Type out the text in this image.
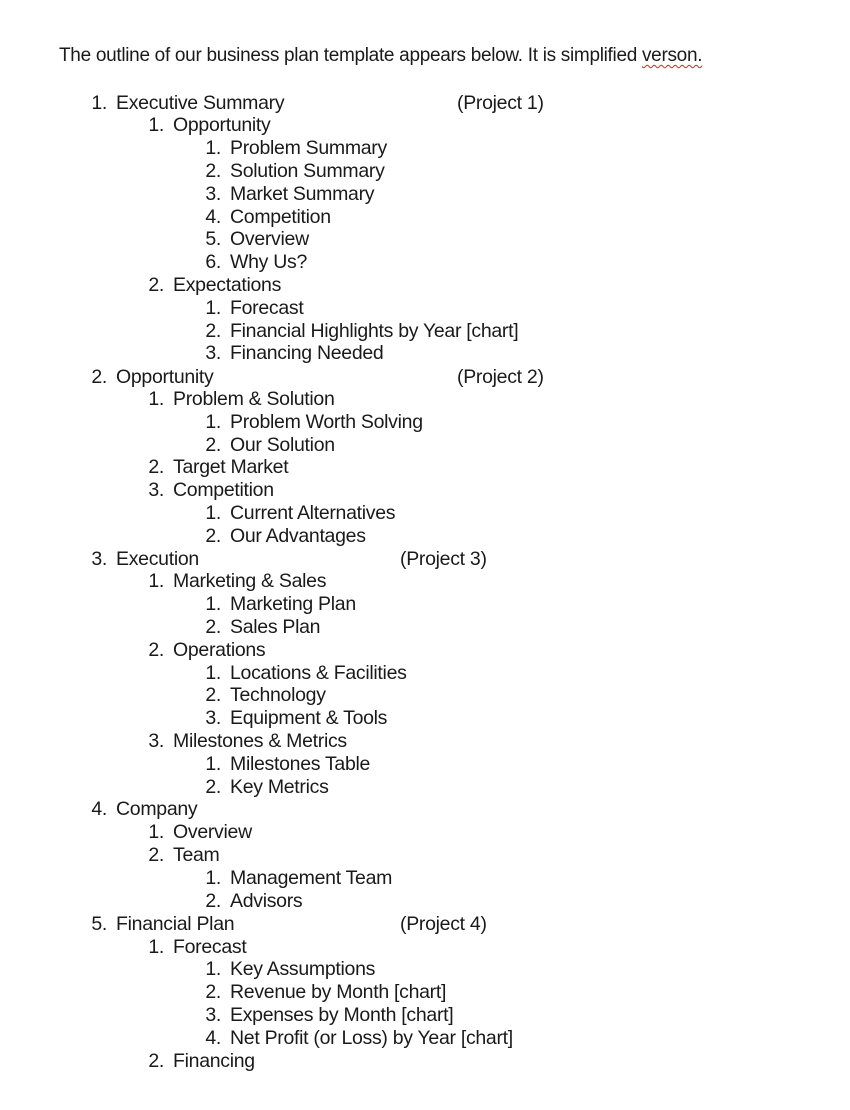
The outline of our business plan template appears below. It is simplified verson.
1. Executive Summary	(Project 1)
1. Opportunity
1. Problem Summary
2. Solution Summary
3. Market Summary
4. Competition
5. Overview
6. Why Us?
2. Expectations
1. Forecast
2. Financial Highlights by Year [chart]
3. Financing Needed
2. Opportunity	(Project 2)
1. Problem & Solution
1. Problem Worth Solving
2. Our Solution
2. Target Market
3. Competition
1. Current Alternatives
2. Our Advantages
3. Execution	(Project 3)
1. Marketing & Sales
1. Marketing Plan
2. Sales Plan
2. Operations
1. Locations & Facilities
2. Technology
3. Equipment & Tools
3. Milestones & Metrics
1. Milestones Table
2. Key Metrics
4. Company
1. Overview
2. Team
1. Management Team
2. Advisors
5. Financial Plan	(Project 4)
1. Forecast
1. Key Assumptions
2. Revenue by Month [chart]
3. Expenses by Month [chart]
4. Net Profit (or Loss) by Year [chart]
2. Financing
